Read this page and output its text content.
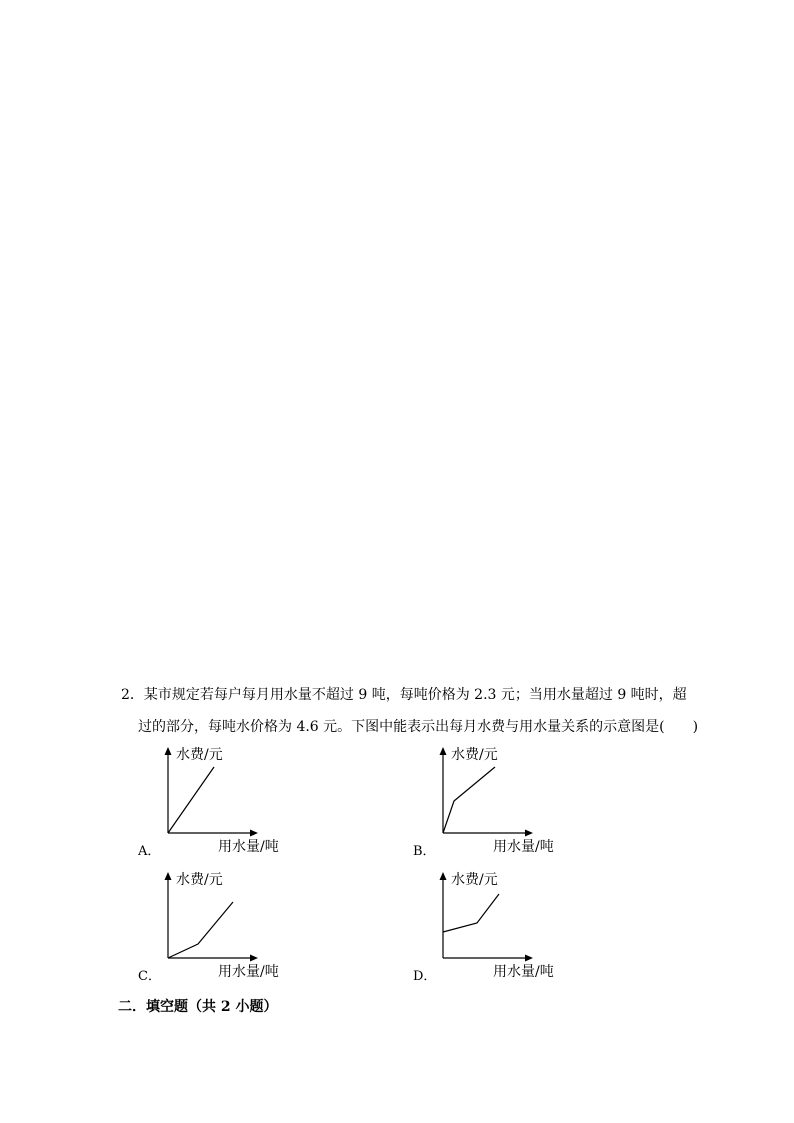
2．某市规定若每户每月用水量不超过 9 吨，每吨价格为 2.3 元；当用水量超过 9 吨时，超
过的部分，每吨水价格为 4.6 元。下图中能表示出每月水费与用水量关系的示意图是(　　)
水费/元
用水量/吨
A．
水费/元
用水量/吨
B．
水费/元
用水量/吨
C．
水费/元
用水量/吨
D．
二．填空题（共 2 小题）
